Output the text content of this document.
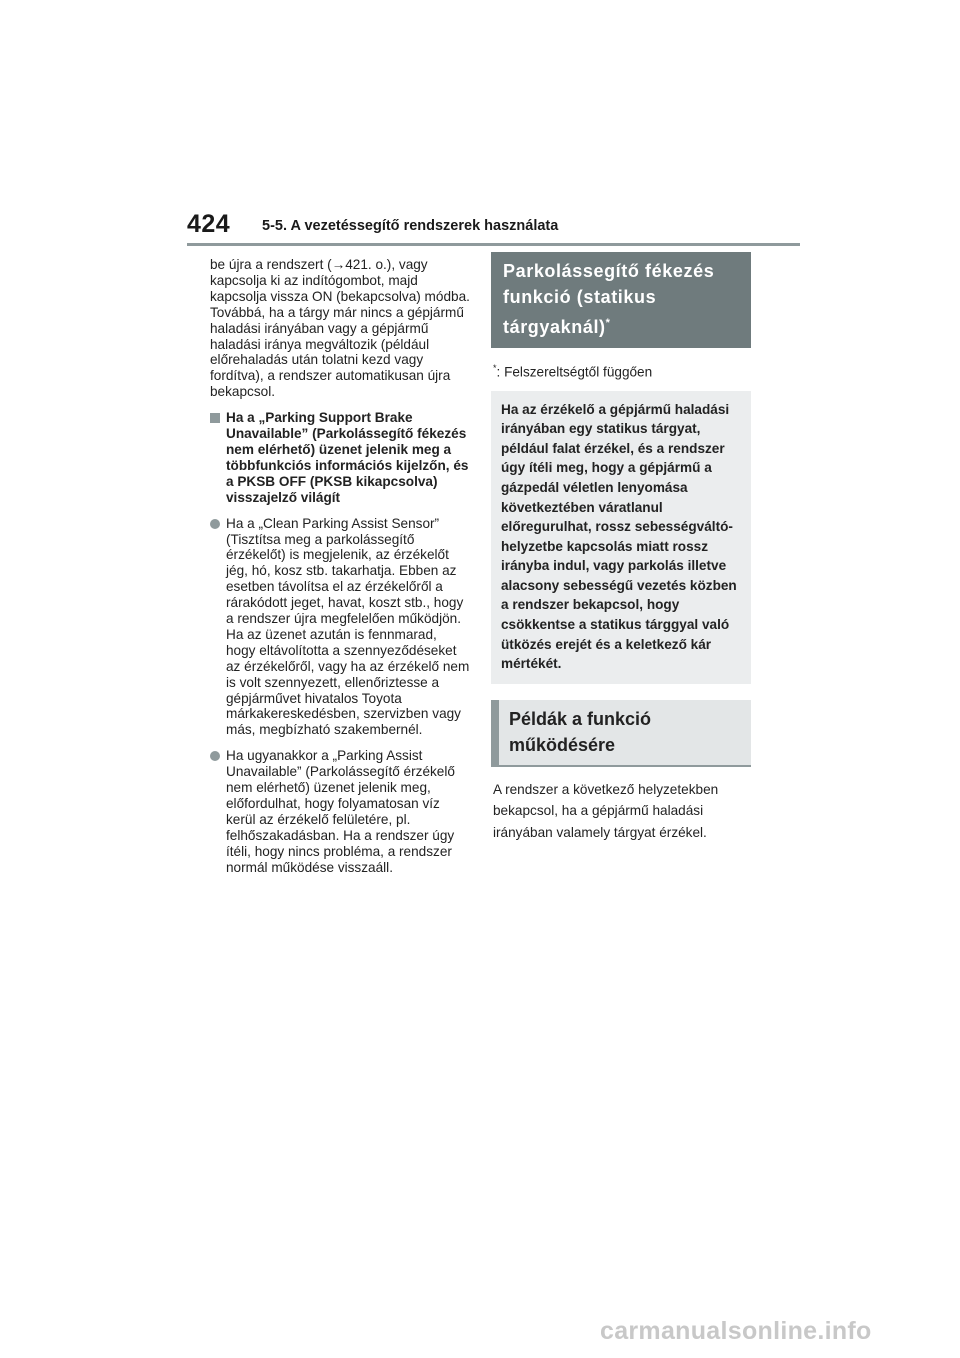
424 5-5. A vezetéssegítő rendszerek használata

be újra a rendszert (→421. o.), vagy kapcsolja ki az indítógombot, majd kapcsolja vissza ON (bekapcsolva) módba. Továbbá, ha a tárgy már nincs a gépjármű haladási irányában vagy a gépjármű haladási iránya megváltozik (például előrehaladás után tolatni kezd vagy fordítva), a rendszer automatikusan újra bekapcsol.

Ha a „Parking Support Brake Unavailable” (Parkolássegítő fékezés nem elérhető) üzenet jelenik meg a többfunkciós információs kijelzőn, és a PKSB OFF (PKSB kikapcsolva) visszajelző világít
Ha a „Clean Parking Assist Sensor” (Tisztítsa meg a parkolássegítő érzékelőt) is megjelenik, az érzékelőt jég, hó, kosz stb. takarhatja. Ebben az esetben távolítsa el az érzékelőről a rárakódott jeget, havat, koszt stb., hogy a rendszer újra megfelelően működjön. Ha az üzenet azután is fennmarad, hogy eltávolította a szennyeződéseket az érzékelőről, vagy ha az érzékelő nem is volt szennyezett, ellenőriztesse a gépjárművet hivatalos Toyota márkakereskedésben, szervizben vagy más, megbízható szakembernél.
Ha ugyanakkor a „Parking Assist Unavailable” (Parkolássegítő érzékelő nem elérhető) üzenet jelenik meg, előfordulhat, hogy folyamatosan víz kerül az érzékelő felületére, pl. felhőszakadásban. Ha a rendszer úgy ítéli, hogy nincs probléma, a rendszer normál működése visszaáll.
Parkolássegítő fékezés funkció (statikus tárgyaknál)*
*: Felszereltségtől függően
Ha az érzékelő a gépjármű haladási irányában egy statikus tárgyat, például falat érzékel, és a rendszer úgy ítéli meg, hogy a gépjármű a gázpedál véletlen lenyomása következtében váratlanul előregurulhat, rossz sebességváltó-helyzetbe kapcsolás miatt rossz irányba indul, vagy parkolás illetve alacsony sebességű vezetés közben a rendszer bekapcsol, hogy csökkentse a statikus tárggyal való ütközés erejét és a keletkező kár mértékét.
Példák a funkció működésére
A rendszer a következő helyzetekben bekapcsol, ha a gépjármű haladási irányában valamely tárgyat érzékel.
carmanualsonline.info
